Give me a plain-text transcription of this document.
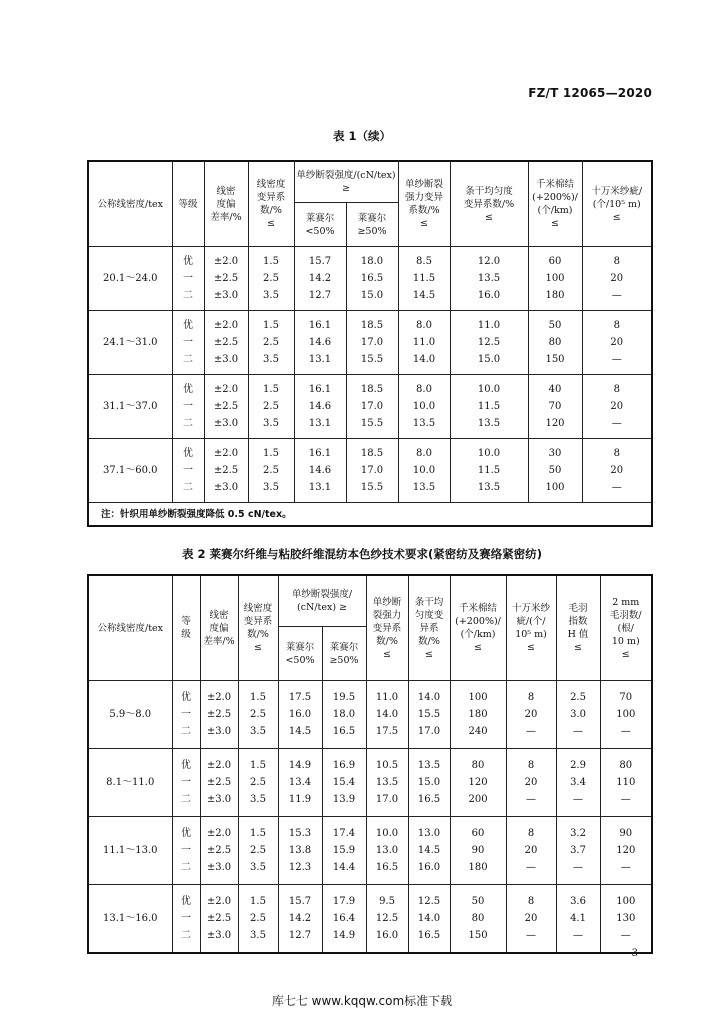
FZ/T 12065—2020
表 1（续）
公称线密度/tex	等级	线密
度偏
差率/%	线密度
变异系
数/%
≤	单纱断裂强度/(cN/tex)
≥		单纱断裂
强力变异
系数/%
≤	条干均匀度
变异系数/%
≤	千米棉结
(+200%)/
(个/km)
≤	十万米纱疵/
(个/10⁵ m)
≤

				莱赛尔
<50%	莱赛尔
≥50%				

20.1～24.0	优	±2.0	1.5	15.7	18.0	8.5	12.0	60	8
	一	±2.5	2.5	14.2	16.5	11.5	13.5	100	20
	二	±3.0	3.5	12.7	15.0	14.5	16.0	180	—
24.1～31.0	优	±2.0	1.5	16.1	18.5	8.0	11.0	50	8
	一	±2.5	2.5	14.6	17.0	11.0	12.5	80	20
	二	±3.0	3.5	13.1	15.5	14.0	15.0	150	—
31.1～37.0	优	±2.0	1.5	16.1	18.5	8.0	10.0	40	8
	一	±2.5	2.5	14.6	17.0	10.0	11.5	70	20
	二	±3.0	3.5	13.1	15.5	13.5	13.5	120	—
37.1～60.0	优	±2.0	1.5	16.1	18.5	8.0	10.0	30	8
	一	±2.5	2.5	14.6	17.0	10.0	11.5	50	20
	二	±3.0	3.5	13.1	15.5	13.5	13.5	100	—
注：针织用单纱断裂强度降低 0.5 cN/tex。									
表 2 莱赛尔纤维与粘胶纤维混纺本色纱技术要求(紧密纺及赛络紧密纺)
公称线密度/tex	等
级	线密
度偏
差率/%	线密度
变异系
数/%
≤	单纱断裂强度/
(cN/tex) ≥		单纱断
裂强力
变异系
数/%
≤	条干均
匀度变
异系
数/%
≤	千米棉结
(+200%)/
(个/km)
≤	十万米纱
疵/(个/
10⁵ m)
≤	毛羽
指数
H 值
≤	2 mm
毛羽数/
(根/
10 m)
≤

				莱赛尔
<50%	莱赛尔
≥50%						

5.9～8.0	优	±2.0	1.5	17.5	19.5	11.0	14.0	100	8	2.5	70
	一	±2.5	2.5	16.0	18.0	14.0	15.5	180	20	3.0	100
	二	±3.0	3.5	14.5	16.5	17.5	17.0	240	—	—	—
8.1～11.0	优	±2.0	1.5	14.9	16.9	10.5	13.5	80	8	2.9	80
	一	±2.5	2.5	13.4	15.4	13.5	15.0	120	20	3.4	110
	二	±3.0	3.5	11.9	13.9	17.0	16.5	200	—	—	—
11.1～13.0	优	±2.0	1.5	15.3	17.4	10.0	13.0	60	8	3.2	90
	一	±2.5	2.5	13.8	15.9	13.0	14.5	90	20	3.7	120
	二	±3.0	3.5	12.3	14.4	16.5	16.0	180	—	—	—
13.1～16.0	优	±2.0	1.5	15.7	17.9	9.5	12.5	50	8	3.6	100
	一	±2.5	2.5	14.2	16.4	12.5	14.0	80	20	4.1	130
	二	±3.0	3.5	12.7	14.9	16.0	16.5	150	—	—	—
3
库七七 www.kqqw.com标准下载
